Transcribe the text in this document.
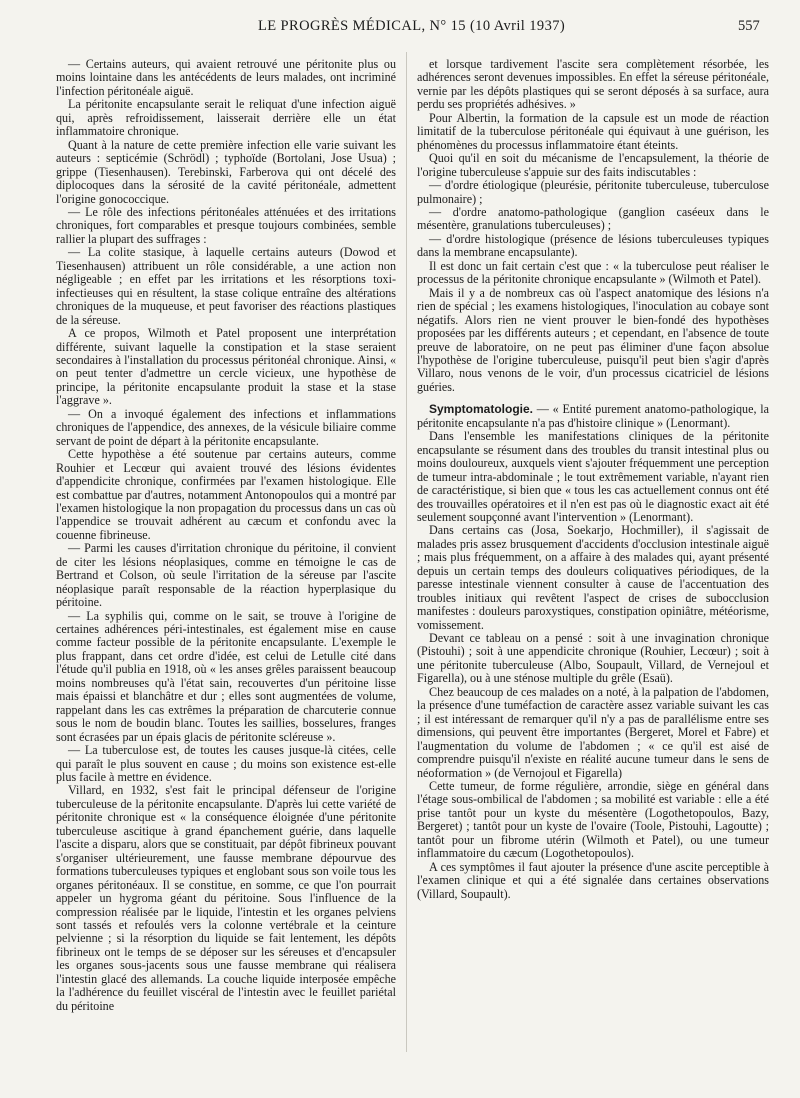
LE PROGRÈS MÉDICAL, N° 15 (10 Avril 1937)	557

— Certains auteurs, qui avaient retrouvé une péritonite plus ou moins lointaine dans les antécédents de leurs malades, ont incriminé l'infection péritonéale aiguë.

La péritonite encapsulante serait le reliquat d'une infection aiguë qui, après refroidissement, laisserait derrière elle un état inflammatoire chronique.

Quant à la nature de cette première infection elle varie suivant les auteurs : septicémie (Schrödl) ; typhoïde (Bortolani, Jose Usua) ; grippe (Tiesenhausen). Terebinski, Farberova qui ont décelé des diplocoques dans la sérosité de la cavité péritonéale, admettent l'origine gonococcique.

— Le rôle des infections péritonéales atténuées et des irritations chroniques, fort comparables et presque toujours combinées, semble rallier la plupart des suffrages :

— La colite stasique, à laquelle certains auteurs (Dowod et Tiesenhausen) attribuent un rôle considérable, a une action non négligeable ; en effet par les irritations et les résorptions toxi-infectieuses qui en résultent, la stase colique entraîne des altérations chroniques de la muqueuse, et peut favoriser des réactions plastiques de la séreuse.

A ce propos, Wilmoth et Patel proposent une interprétation différente, suivant laquelle la constipation et la stase seraient secondaires à l'installation du processus péritonéal chronique. Ainsi, « on peut tenter d'admettre un cercle vicieux, une hypothèse de principe, la péritonite encapsulante produit la stase et la stase l'aggrave ».

— On a invoqué également des infections et inflammations chroniques de l'appendice, des annexes, de la vésicule biliaire comme servant de point de départ à la péritonite encapsulante.

Cette hypothèse a été soutenue par certains auteurs, comme Rouhier et Lecœur qui avaient trouvé des lésions évidentes d'appendicite chronique, confirmées par l'examen histologique. Elle est combattue par d'autres, notamment Antonopoulos qui a montré par l'examen histologique la non propagation du processus dans un cas où l'appendice se trouvait adhérent au cæcum et confondu avec la couenne fibrineuse.

— Parmi les causes d'irritation chronique du péritoine, il convient de citer les lésions néoplasiques, comme en témoigne le cas de Bertrand et Colson, où seule l'irritation de la séreuse par l'ascite néoplasique paraît responsable de la réaction hyperplasique du péritoine.

— La syphilis qui, comme on le sait, se trouve à l'origine de certaines adhérences péri-intestinales, est également mise en cause comme facteur possible de la péritonite encapsulante. L'exemple le plus frappant, dans cet ordre d'idée, est celui de Letulle cité dans l'étude qu'il publia en 1918, où « les anses grêles paraissent beaucoup moins nombreuses qu'à l'état sain, recouvertes d'un péritoine lisse mais épaissi et blanchâtre et dur ; elles sont augmentées de volume, rappelant dans les cas extrêmes la préparation de charcuterie connue sous le nom de boudin blanc. Toutes les saillies, bosselures, franges sont écrasées par un épais glacis de péritonite scléreuse ».

— La tuberculose est, de toutes les causes jusque-là citées, celle qui paraît le plus souvent en cause ; du moins son existence est-elle plus facile à mettre en évidence.

Villard, en 1932, s'est fait le principal défenseur de l'origine tuberculeuse de la péritonite encapsulante. D'après lui cette variété de péritonite chronique est « la conséquence éloignée d'une péritonite tuberculeuse ascitique à grand épanchement guérie, dans laquelle l'ascite a disparu, alors que se constituait, par dépôt fibrineux pouvant s'organiser ultérieurement, une fausse membrane dépourvue des formations tuberculeuses typiques et englobant sous son voile tous les organes péritonéaux. Il se constitue, en somme, ce que l'on pourrait appeler un hygroma géant du péritoine. Sous l'influence de la compression réalisée par le liquide, l'intestin et les organes pelviens sont tassés et refoulés vers la colonne vertébrale et la ceinture pelvienne ; si la résorption du liquide se fait lentement, les dépôts fibrineux ont le temps de se déposer sur les séreuses et d'encapsuler les organes sous-jacents sous une fausse membrane qui réalisera l'intestin glacé des allemands. La couche liquide interposée empêche la l'adhérence du feuillet viscéral de l'intestin avec le feuillet pariétal du péritoine

et lorsque tardivement l'ascite sera complètement résorbée, les adhérences seront devenues impossibles. En effet la séreuse péritonéale, vernie par les dépôts plastiques qui se seront déposés à sa surface, aura perdu ses propriétés adhésives. »

Pour Albertin, la formation de la capsule est un mode de réaction limitatif de la tuberculose péritonéale qui équivaut à une guérison, les phénomènes du processus inflammatoire étant éteints.

Quoi qu'il en soit du mécanisme de l'encapsulement, la théorie de l'origine tuberculeuse s'appuie sur des faits indiscutables :

— d'ordre étiologique (pleurésie, péritonite tuberculeuse, tuberculose pulmonaire) ;

— d'ordre anatomo-pathologique (ganglion caséeux dans le mésentère, granulations tuberculeuses) ;

— d'ordre histologique (présence de lésions tuberculeuses typiques dans la membrane encapsulante).

Il est donc un fait certain c'est que : « la tuberculose peut réaliser le processus de la péritonite chronique encapsulante » (Wilmoth et Patel).

Mais il y a de nombreux cas où l'aspect anatomique des lésions n'a rien de spécial ; les examens histologiques, l'inoculation au cobaye sont négatifs. Alors rien ne vient prouver le bien-fondé des hypothèses proposées par les différents auteurs ; et cependant, en l'absence de toute preuve de laboratoire, on ne peut pas éliminer d'une façon absolue l'hypothèse de l'origine tuberculeuse, puisqu'il peut bien s'agir d'après Villaro, nous venons de le voir, d'un processus cicatriciel de lésions guéries.

Symptomatologie. — « Entité purement anatomo-pathologique, la péritonite encapsulante n'a pas d'histoire clinique » (Lenormant).

Dans l'ensemble les manifestations cliniques de la péritonite encapsulante se résument dans des troubles du transit intestinal plus ou moins douloureux, auxquels vient s'ajouter fréquemment une perception de tumeur intra-abdominale ; le tout extrêmement variable, n'ayant rien de caractéristique, si bien que « tous les cas actuellement connus ont été des trouvailles opératoires et il n'en est pas où le diagnostic exact ait été seulement soupçonné avant l'intervention » (Lenormant).

Dans certains cas (Josa, Soekarjo, Hochmiller), il s'agissait de malades pris assez brusquement d'accidents d'occlusion intestinale aiguë ; mais plus fréquemment, on a affaire à des malades qui, ayant présenté depuis un certain temps des douleurs coliquatives périodiques, de la paresse intestinale viennent consulter à cause de l'accentuation des troubles initiaux qui revêtent l'aspect de crises de subocclusion manifestes : douleurs paroxystiques, constipation opiniâtre, météorisme, vomissement.

Devant ce tableau on a pensé : soit à une invagination chronique (Pistouhi) ; soit à une appendicite chronique (Rouhier, Lecœur) ; soit à une péritonite tuberculeuse (Albo, Soupault, Villard, de Vernejoul et Figarella), ou à une sténose multiple du grêle (Esaü).

Chez beaucoup de ces malades on a noté, à la palpation de l'abdomen, la présence d'une tuméfaction de caractère assez variable suivant les cas ; il est intéressant de remarquer qu'il n'y a pas de parallélisme entre ses dimensions, qui peuvent être importantes (Bergeret, Morel et Fabre) et l'augmentation du volume de l'abdomen ; « ce qu'il est aisé de comprendre puisqu'il n'existe en réalité aucune tumeur dans le sens de néoformation » (de Vernojoul et Figarella)

Cette tumeur, de forme régulière, arrondie, siège en général dans l'étage sous-ombilical de l'abdomen ; sa mobilité est variable : elle a été prise tantôt pour un kyste du mésentère (Logothetopoulos, Bazy, Bergeret) ; tantôt pour un kyste de l'ovaire (Toole, Pistouhi, Lagoutte) ; tantôt pour un fibrome utérin (Wilmoth et Patel), ou une tumeur inflammatoire du cæcum (Logothetopoulos).

A ces symptômes il faut ajouter la présence d'une ascite perceptible à l'examen clinique et qui a été signalée dans certaines observations (Villard, Soupault).
